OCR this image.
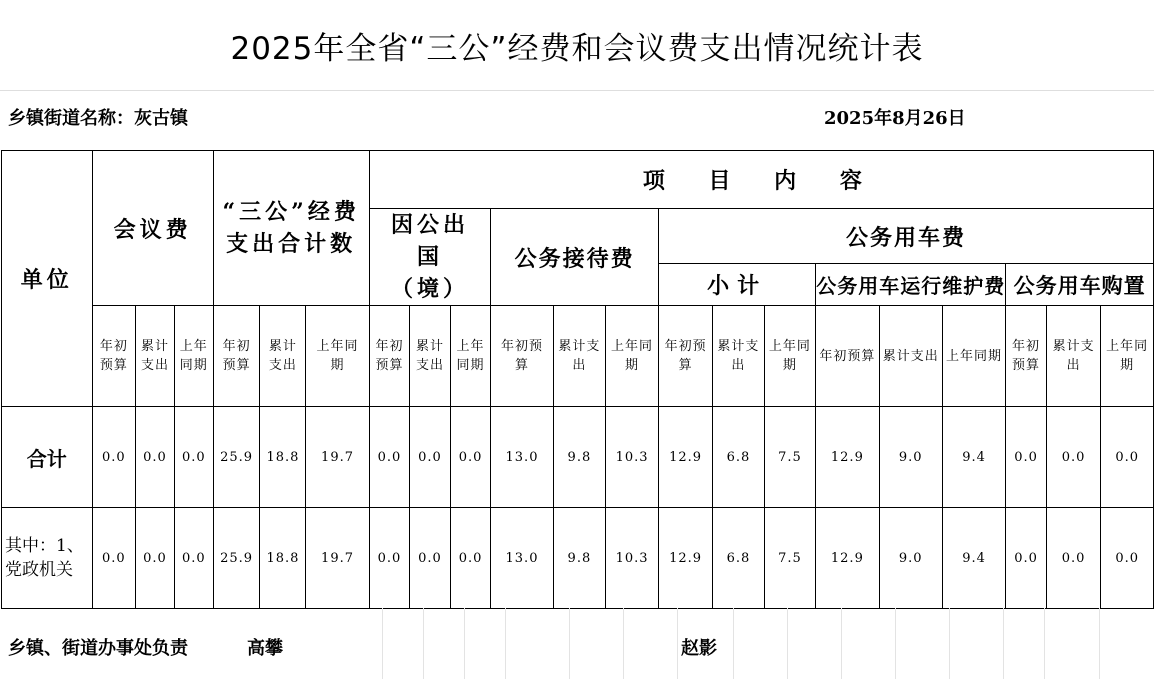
2025年全省“三公”经费和会议费支出情况统计表
乡镇街道名称：灰古镇	2025年8月26日
单位	会议费			“三公”经费支出合计数			项 目 内 容														
							因公出国（境）			公务接待费			公务用车费								
													小计			公务用车运行维护费			公务用车购置		
	年初预算	累计支出	上年同期	年初预算	累计支出	上年同期	年初预算	累计支出	上年同期	年初预算	累计支出	上年同期	年初预算	累计支出	上年同期	年初预算	累计支出	上年同期	年初预算	累计支出	上年同期
合计	0.0	0.0	0.0	25.9	18.8	19.7	0.0	0.0	0.0	13.0	9.8	10.3	12.9	6.8	7.5	12.9	9.0	9.4	0.0	0.0	0.0
其中：1、党政机关	0.0	0.0	0.0	25.9	18.8	19.7	0.0	0.0	0.0	13.0	9.8	10.3	12.9	6.8	7.5	12.9	9.0	9.4	0.0	0.0	0.0
乡镇、街道办事处负责	高攀	赵影
